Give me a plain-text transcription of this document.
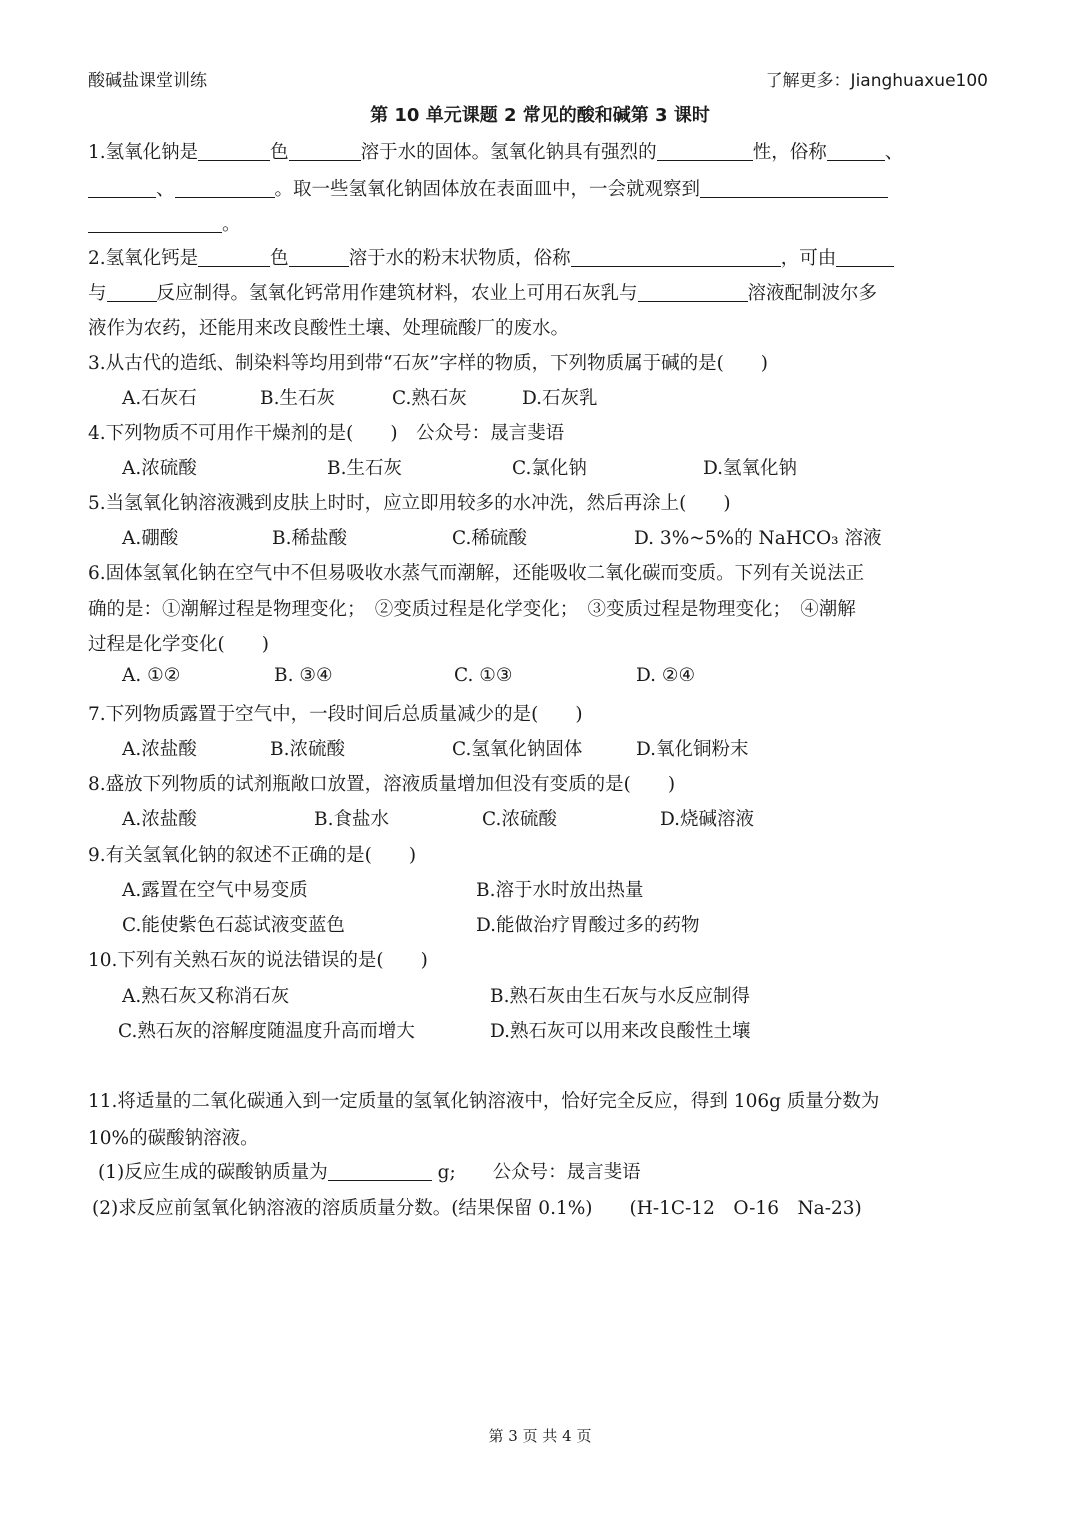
酸碱盐课堂训练	了解更多：Jianghuaxue100
第 10 单元课题 2 常见的酸和碱第 3 课时
1.氢氧化钠是	色	溶于水的固体。氢氧化钠具有强烈的	性，俗称	、
、	。取一些氢氧化钠固体放在表面皿中，一会就观察到
。
2.氢氧化钙是	色	溶于水的粉末状物质，俗称	，可由
与	反应制得。氢氧化钙常用作建筑材料，农业上可用石灰乳与	溶液配制波尔多
液作为农药，还能用来改良酸性土壤、处理硫酸厂的废水。
3.从古代的造纸、制染料等均用到带“石灰”字样的物质，下列物质属于碱的是(　　)
A.石灰石	B.生石灰	C.熟石灰	D.石灰乳
4.下列物质不可用作干燥剂的是(　　)　公众号：晟言斐语
A.浓硫酸	B.生石灰	C.氯化钠	D.氢氧化钠
5.当氢氧化钠溶液溅到皮肤上时时，应立即用较多的水冲洗，然后再涂上(　　)
A.硼酸	B.稀盐酸	C.稀硫酸	D. 3%~5%的 NaHCO₃ 溶液
6.固体氢氧化钠在空气中不但易吸收水蒸气而潮解，还能吸收二氧化碳而变质。下列有关说法正
确的是：①潮解过程是物理变化；　②变质过程是化学变化；　③变质过程是物理变化；　④潮解
过程是化学变化(　　)
A. ①②	B. ③④	C. ①③	D. ②④
7.下列物质露置于空气中，一段时间后总质量减少的是(　　)
A.浓盐酸	B.浓硫酸	C.氢氧化钠固体	D.氧化铜粉末
8.盛放下列物质的试剂瓶敞口放置，溶液质量增加但没有变质的是(　　)
A.浓盐酸	B.食盐水	C.浓硫酸	D.烧碱溶液
9.有关氢氧化钠的叙述不正确的是(　　)
A.露置在空气中易变质	B.溶于水时放出热量
C.能使紫色石蕊试液变蓝色	D.能做治疗胃酸过多的药物
10.下列有关熟石灰的说法错误的是(　　)
A.熟石灰又称消石灰	B.熟石灰由生石灰与水反应制得
C.熟石灰的溶解度随温度升高而增大	D.熟石灰可以用来改良酸性土壤
11.将适量的二氧化碳通入到一定质量的氢氧化钠溶液中，恰好完全反应，得到 106g 质量分数为
10%的碳酸钠溶液。
(1)反应生成的碳酸钠质量为	g;　　公众号：晟言斐语
(2)求反应前氢氧化钠溶液的溶质质量分数。(结果保留 0.1%)　　(H-1C-12　O-16　Na-23)
第 3 页 共 4 页
